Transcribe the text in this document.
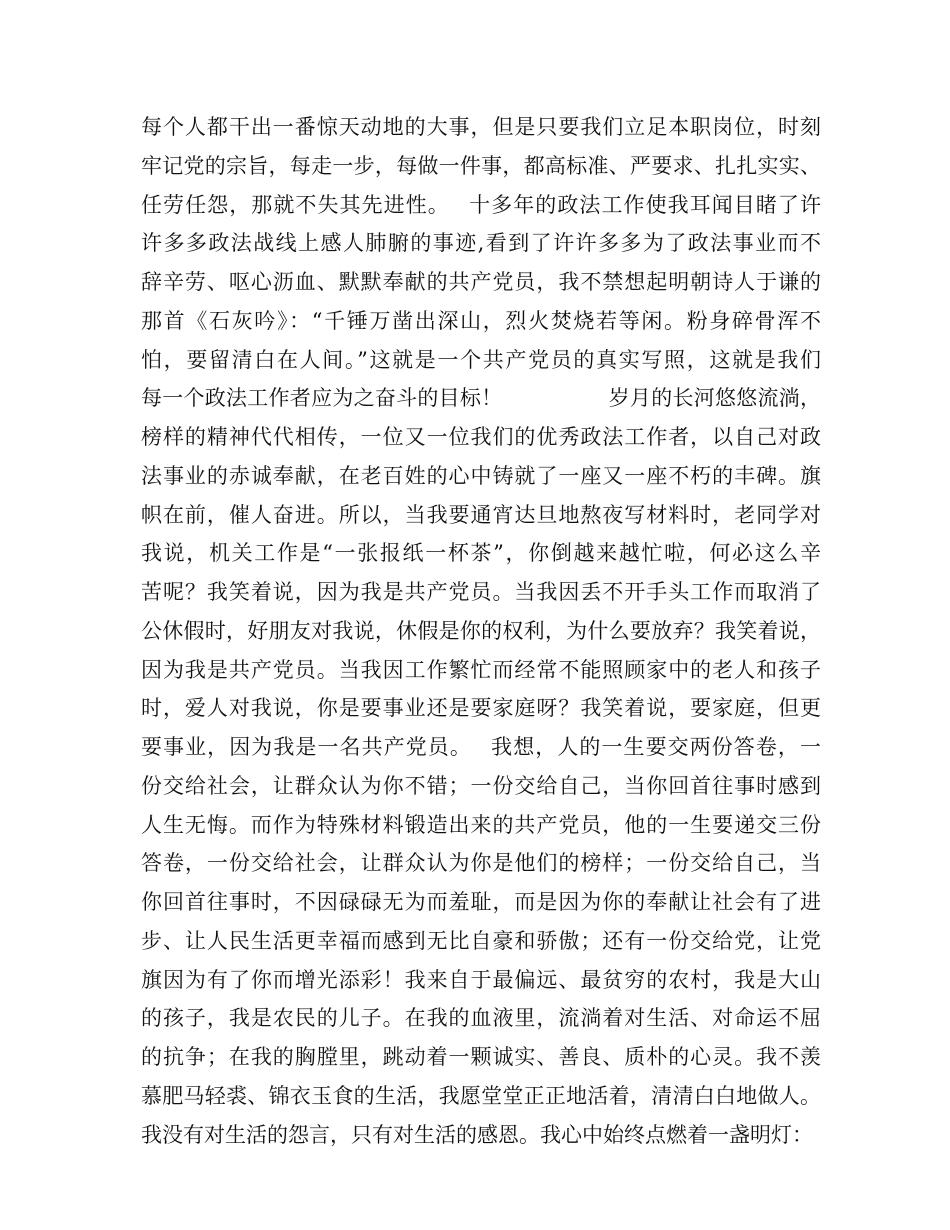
每个人都干出一番惊天动地的大事，但是只要我们立足本职岗位，时刻
牢记党的宗旨，每走一步，每做一件事，都高标准、严要求、扎扎实实、
任劳任怨，那就不失其先进性。　 十多年的政法工作使我耳闻目睹了许
许多多政法战线上感人肺腑的事迹,看到了许许多多为了政法事业而不
辞辛劳、呕心沥血、默默奉献的共产党员，我不禁想起明朝诗人于谦的
那首《石灰吟》：“千锤万凿出深山，烈火焚烧若等闲。粉身碎骨浑不
怕，要留清白在人间。”这就是一个共产党员的真实写照，这就是我们
每一个政法工作者应为之奋斗的目标！　　　　　岁月的长河悠悠流淌，
榜样的精神代代相传，一位又一位我们的优秀政法工作者，以自己对政
法事业的赤诚奉献，在老百姓的心中铸就了一座又一座不朽的丰碑。旗
帜在前，催人奋进。所以，当我要通宵达旦地熬夜写材料时，老同学对
我说，机关工作是“一张报纸一杯茶”，你倒越来越忙啦，何必这么辛
苦呢？我笑着说，因为我是共产党员。当我因丢不开手头工作而取消了
公休假时，好朋友对我说，休假是你的权利，为什么要放弃？我笑着说，
因为我是共产党员。当我因工作繁忙而经常不能照顾家中的老人和孩子
时，爱人对我说，你是要事业还是要家庭呀？我笑着说，要家庭，但更
要事业，因为我是一名共产党员。　 我想，人的一生要交两份答卷，一
份交给社会，让群众认为你不错；一份交给自己，当你回首往事时感到
人生无悔。而作为特殊材料锻造出来的共产党员，他的一生要递交三份
答卷，一份交给社会，让群众认为你是他们的榜样；一份交给自己，当
你回首往事时，不因碌碌无为而羞耻，而是因为你的奉献让社会有了进
步、让人民生活更幸福而感到无比自豪和骄傲；还有一份交给党，让党
旗因为有了你而增光添彩！我来自于最偏远、最贫穷的农村，我是大山
的孩子，我是农民的儿子。在我的血液里，流淌着对生活、对命运不屈
的抗争；在我的胸膛里，跳动着一颗诚实、善良、质朴的心灵。我不羡
慕肥马轻裘、锦衣玉食的生活，我愿堂堂正正地活着，清清白白地做人。
我没有对生活的怨言，只有对生活的感恩。我心中始终点燃着一盏明灯：
